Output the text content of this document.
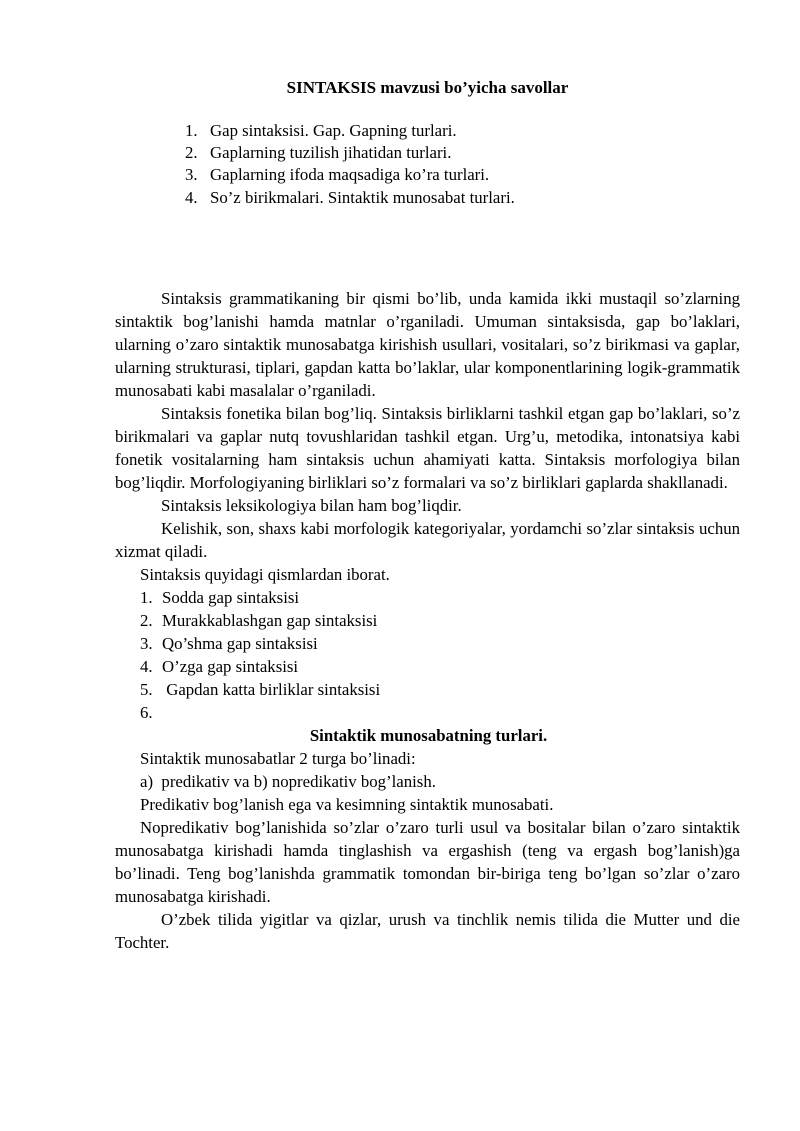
SINTAKSIS mavzusi bo’yicha savollar
1. Gap sintaksisi. Gap. Gapning turlari.
2. Gaplarning tuzilish jihatidan turlari.
3. Gaplarning ifoda maqsadiga ko’ra turlari.
4. So’z birikmalari. Sintaktik munosabat turlari.

Sintaksis grammatikaning bir qismi bo’lib, unda kamida ikki mustaqil so’zlarning sintaktik bog’lanishi hamda matnlar o’rganiladi. Umuman sintaksisda, gap bo’laklari, ularning o’zaro sintaktik munosabatga kirishish usullari, vositalari, so’z birikmasi va gaplar, ularning strukturasi, tiplari, gapdan katta bo’laklar, ular komponentlarining logik-grammatik munosabati kabi masalalar o’rganiladi.

Sintaksis fonetika bilan bog’liq. Sintaksis birliklarni tashkil etgan gap bo’laklari, so’z birikmalari va gaplar nutq tovushlaridan tashkil etgan. Urg’u, metodika, intonatsiya kabi fonetik vositalarning ham sintaksis uchun ahamiyati katta. Sintaksis morfologiya bilan bog’liqdir. Morfologiyaning birliklari so’z formalari va so’z birliklari gaplarda shakllanadi.

Sintaksis leksikologiya bilan ham bog’liqdir.

Kelishik, son, shaxs kabi morfologik kategoriyalar, yordamchi so’zlar sintaksis uchun xizmat qiladi.

Sintaksis quyidagi qismlardan iborat.

1. Sodda gap sintaksisi
2. Murakkablashgan gap sintaksisi
3. Qo’shma gap sintaksisi
4. O’zga gap sintaksisi
5. Gapdan katta birliklar sintaksisi
6.

Sintaktik munosabatning turlari.

Sintaktik munosabatlar 2 turga bo’linadi:

a)  predikativ va b) nopredikativ bog’lanish.

Predikativ bog’lanish ega va kesimning sintaktik munosabati.

Nopredikativ bog’lanishida so’zlar o’zaro turli usul va bositalar bilan o’zaro sintaktik munosabatga kirishadi hamda tinglashish va ergashish (teng va ergash bog’lanish)ga bo’linadi. Teng bog’lanishda grammatik tomondan bir-biriga teng bo’lgan so’zlar o’zaro munosabatga kirishadi.

O’zbek tilida yigitlar va qizlar, urush va tinchlik nemis tilida die Mutter und die Tochter.
